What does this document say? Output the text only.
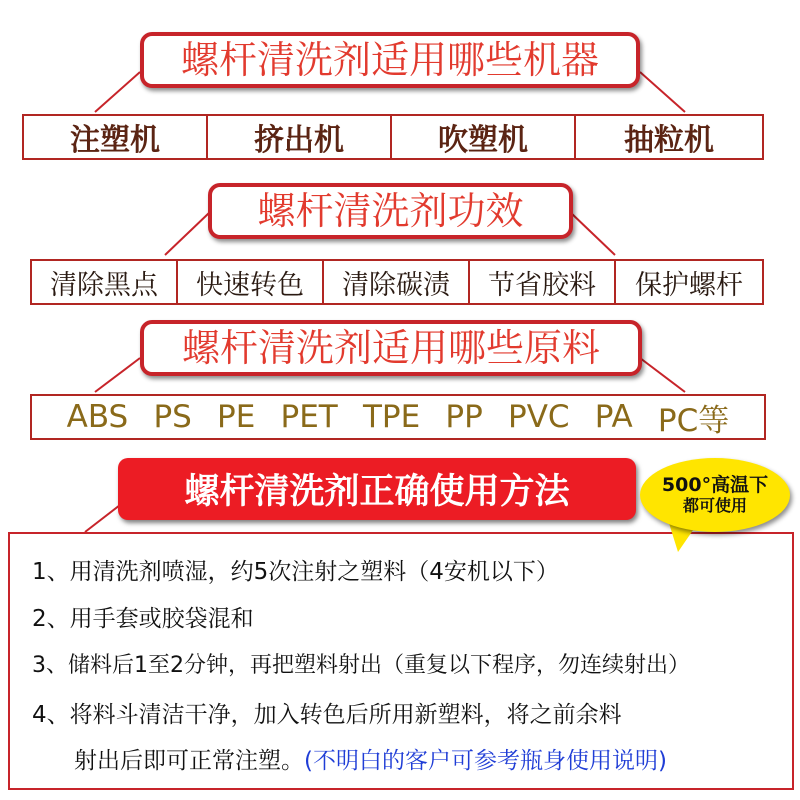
螺杆清洗剂适用哪些机器
注塑机	挤出机	吹塑机	抽粒机
螺杆清洗剂功效
清除黑点 快速转色 清除碳渍 节省胶料 保护螺杆
螺杆清洗剂适用哪些原料
ABS PS PE PET TPE PP PVC PA PC等
螺杆清洗剂正确使用方法	500°高温下
都可使用
1、用清洗剂喷湿，约5次注射之塑料（4安机以下）
2、用手套或胶袋混和
3、储料后1至2分钟，再把塑料射出（重复以下程序，勿连续射出）
4、将料斗清洁干净，加入转色后所用新塑料，将之前余料
射出后即可正常注塑。(不明白的客户可参考瓶身使用说明)
